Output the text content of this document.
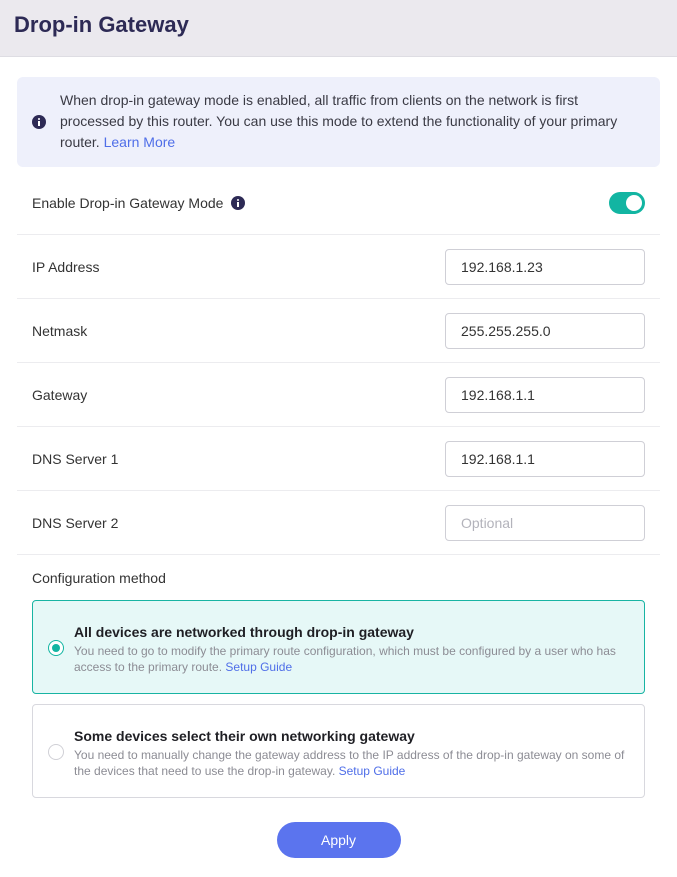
Drop-in Gateway

When drop-in gateway mode is enabled, all traffic from clients on the network is first processed by this router. You can use this mode to extend the functionality of your primary router. Learn More

Enable Drop-in Gateway Mode
IP Address
192.168.1.23
Netmask
255.255.255.0
Gateway
192.168.1.1
DNS Server 1
192.168.1.1
DNS Server 2
Optional
Configuration method
All devices are networked through drop-in gateway
You need to go to modify the primary route configuration, which must be configured by a user who has access to the primary route. Setup Guide
Some devices select their own networking gateway
You need to manually change the gateway address to the IP address of the drop-in gateway on some of the devices that need to use the drop-in gateway. Setup Guide
Apply
